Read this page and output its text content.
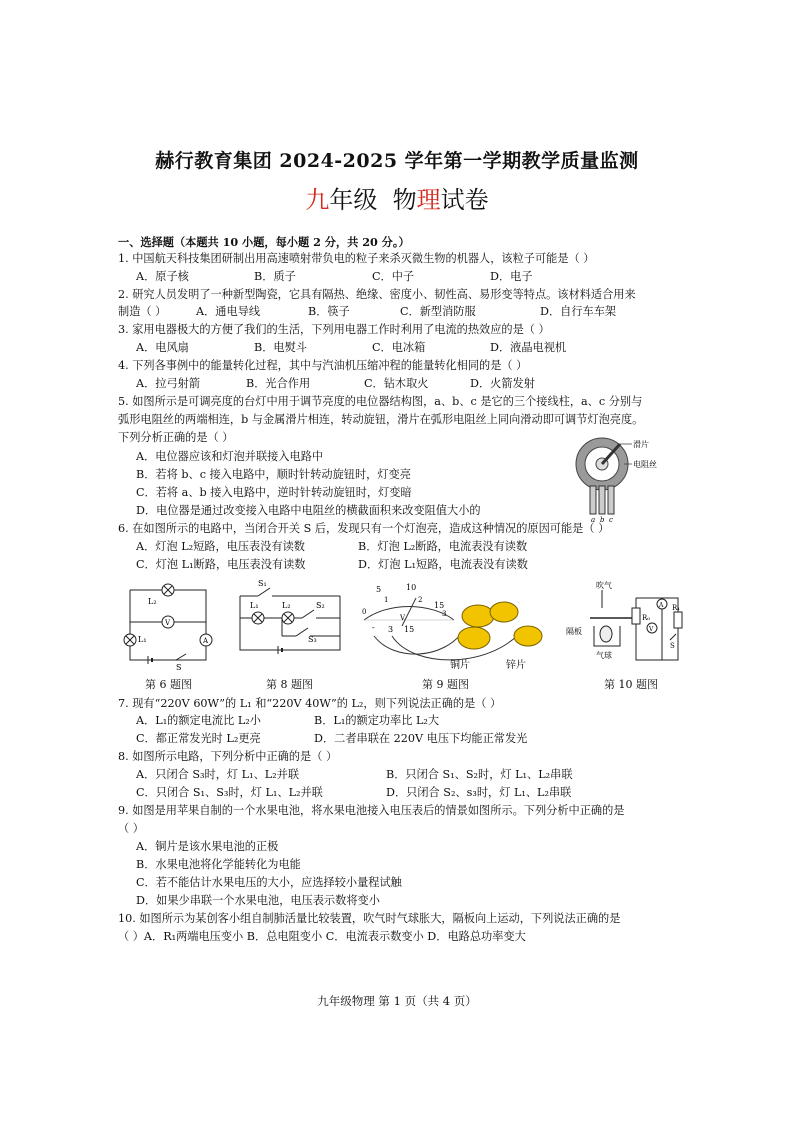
赫行教育集团 2024-2025 学年第一学期教学质量监测
九年级 物理试卷
一、选择题（本题共 10 小题，每小题 2 分，共 20 分。）
1. 中国航天科技集团研制出用高速喷射带负电的粒子来杀灭微生物的机器人，该粒子可能是（ ）
A．原子核	B．质子	C．中子	D．电子
2. 研究人员发明了一种新型陶瓷，它具有隔热、绝缘、密度小、韧性高、易形变等特点。该材料适合用来
制造（ ）	A．通电导线	B．筷子	C．新型消防服	D．自行车车架
3. 家用电器极大的方便了我们的生活，下列用电器工作时利用了电流的热效应的是（ ）
A．电风扇	B．电熨斗	C．电冰箱	D．液晶电视机
4. 下列各事例中的能量转化过程，其中与汽油机压缩冲程的能量转化相同的是（ ）
A．拉弓射箭	B．光合作用	C．钻木取火	D．火箭发射
5. 如图所示是可调亮度的台灯中用于调节亮度的电位器结构图，a、b、c 是它的三个接线柱，a、c 分别与
弧形电阻丝的两端相连，b 与金属滑片相连，转动旋钮，滑片在弧形电阻丝上同向滑动即可调节灯泡亮度。
下列分析正确的是（ ）
A．电位器应该和灯泡并联接入电路中
B．若将 b、c 接入电路中，顺时针转动旋钮时，灯变亮
C．若将 a、b 接入电路中，逆时针转动旋钮时，灯变暗
D．电位器是通过改变接入电路中电阻丝的横截面积来改变阻值大小的
滑片
电阻丝
a b c
6. 在如图所示的电路中，当闭合开关 S 后，发现只有一个灯泡亮，造成这种情况的原因可能是（ ）
A．灯泡 L₂短路，电压表没有读数	B．灯泡 L₂断路，电流表没有读数
C．灯泡 L₁断路，电压表没有读数	D．灯泡 L₁短路，电流表没有读数
L₂
V
L₁	A
S
第 6 题图
S₁
L₁	L₂	S₂
S₃
第 8 题图
5	10
1	2
15
0	3
V
- 3 15
铜片	锌片
第 9 题图
吹气
隔板
气球
R₀
A
V
R₁
S
第 10 题图
7. 现有“220V 60W”的 L₁ 和“220V 40W”的 L₂，则下列说法正确的是（ ）
A．L₁的额定电流比 L₂小	B．L₁的额定功率比 L₂大
C．都正常发光时 L₂更亮	D．二者串联在 220V 电压下均能正常发光
8. 如图所示电路，下列分析中正确的是（ ）
A．只闭合 S₃时，灯 L₁、L₂并联	B．只闭合 S₁、S₂时，灯 L₁、L₂串联
C．只闭合 S₁、S₃时，灯 L₁、L₂并联	D．只闭合 S₂、s₃时，灯 L₁、L₂串联
9. 如图是用苹果自制的一个水果电池，将水果电池接入电压表后的情景如图所示。下列分析中正确的是
（ ）
A．铜片是该水果电池的正极
B．水果电池将化学能转化为电能
C．若不能估计水果电压的大小，应选择较小量程试触
D．如果少串联一个水果电池，电压表示数将变小
10. 如图所示为某创客小组自制肺活量比较装置，吹气时气球胀大，隔板向上运动，下列说法正确的是
（ ）A．R₁两端电压变小 B．总电阻变小 C．电流表示数变小 D．电路总功率变大
九年级物理 第 1 页（共 4 页）
